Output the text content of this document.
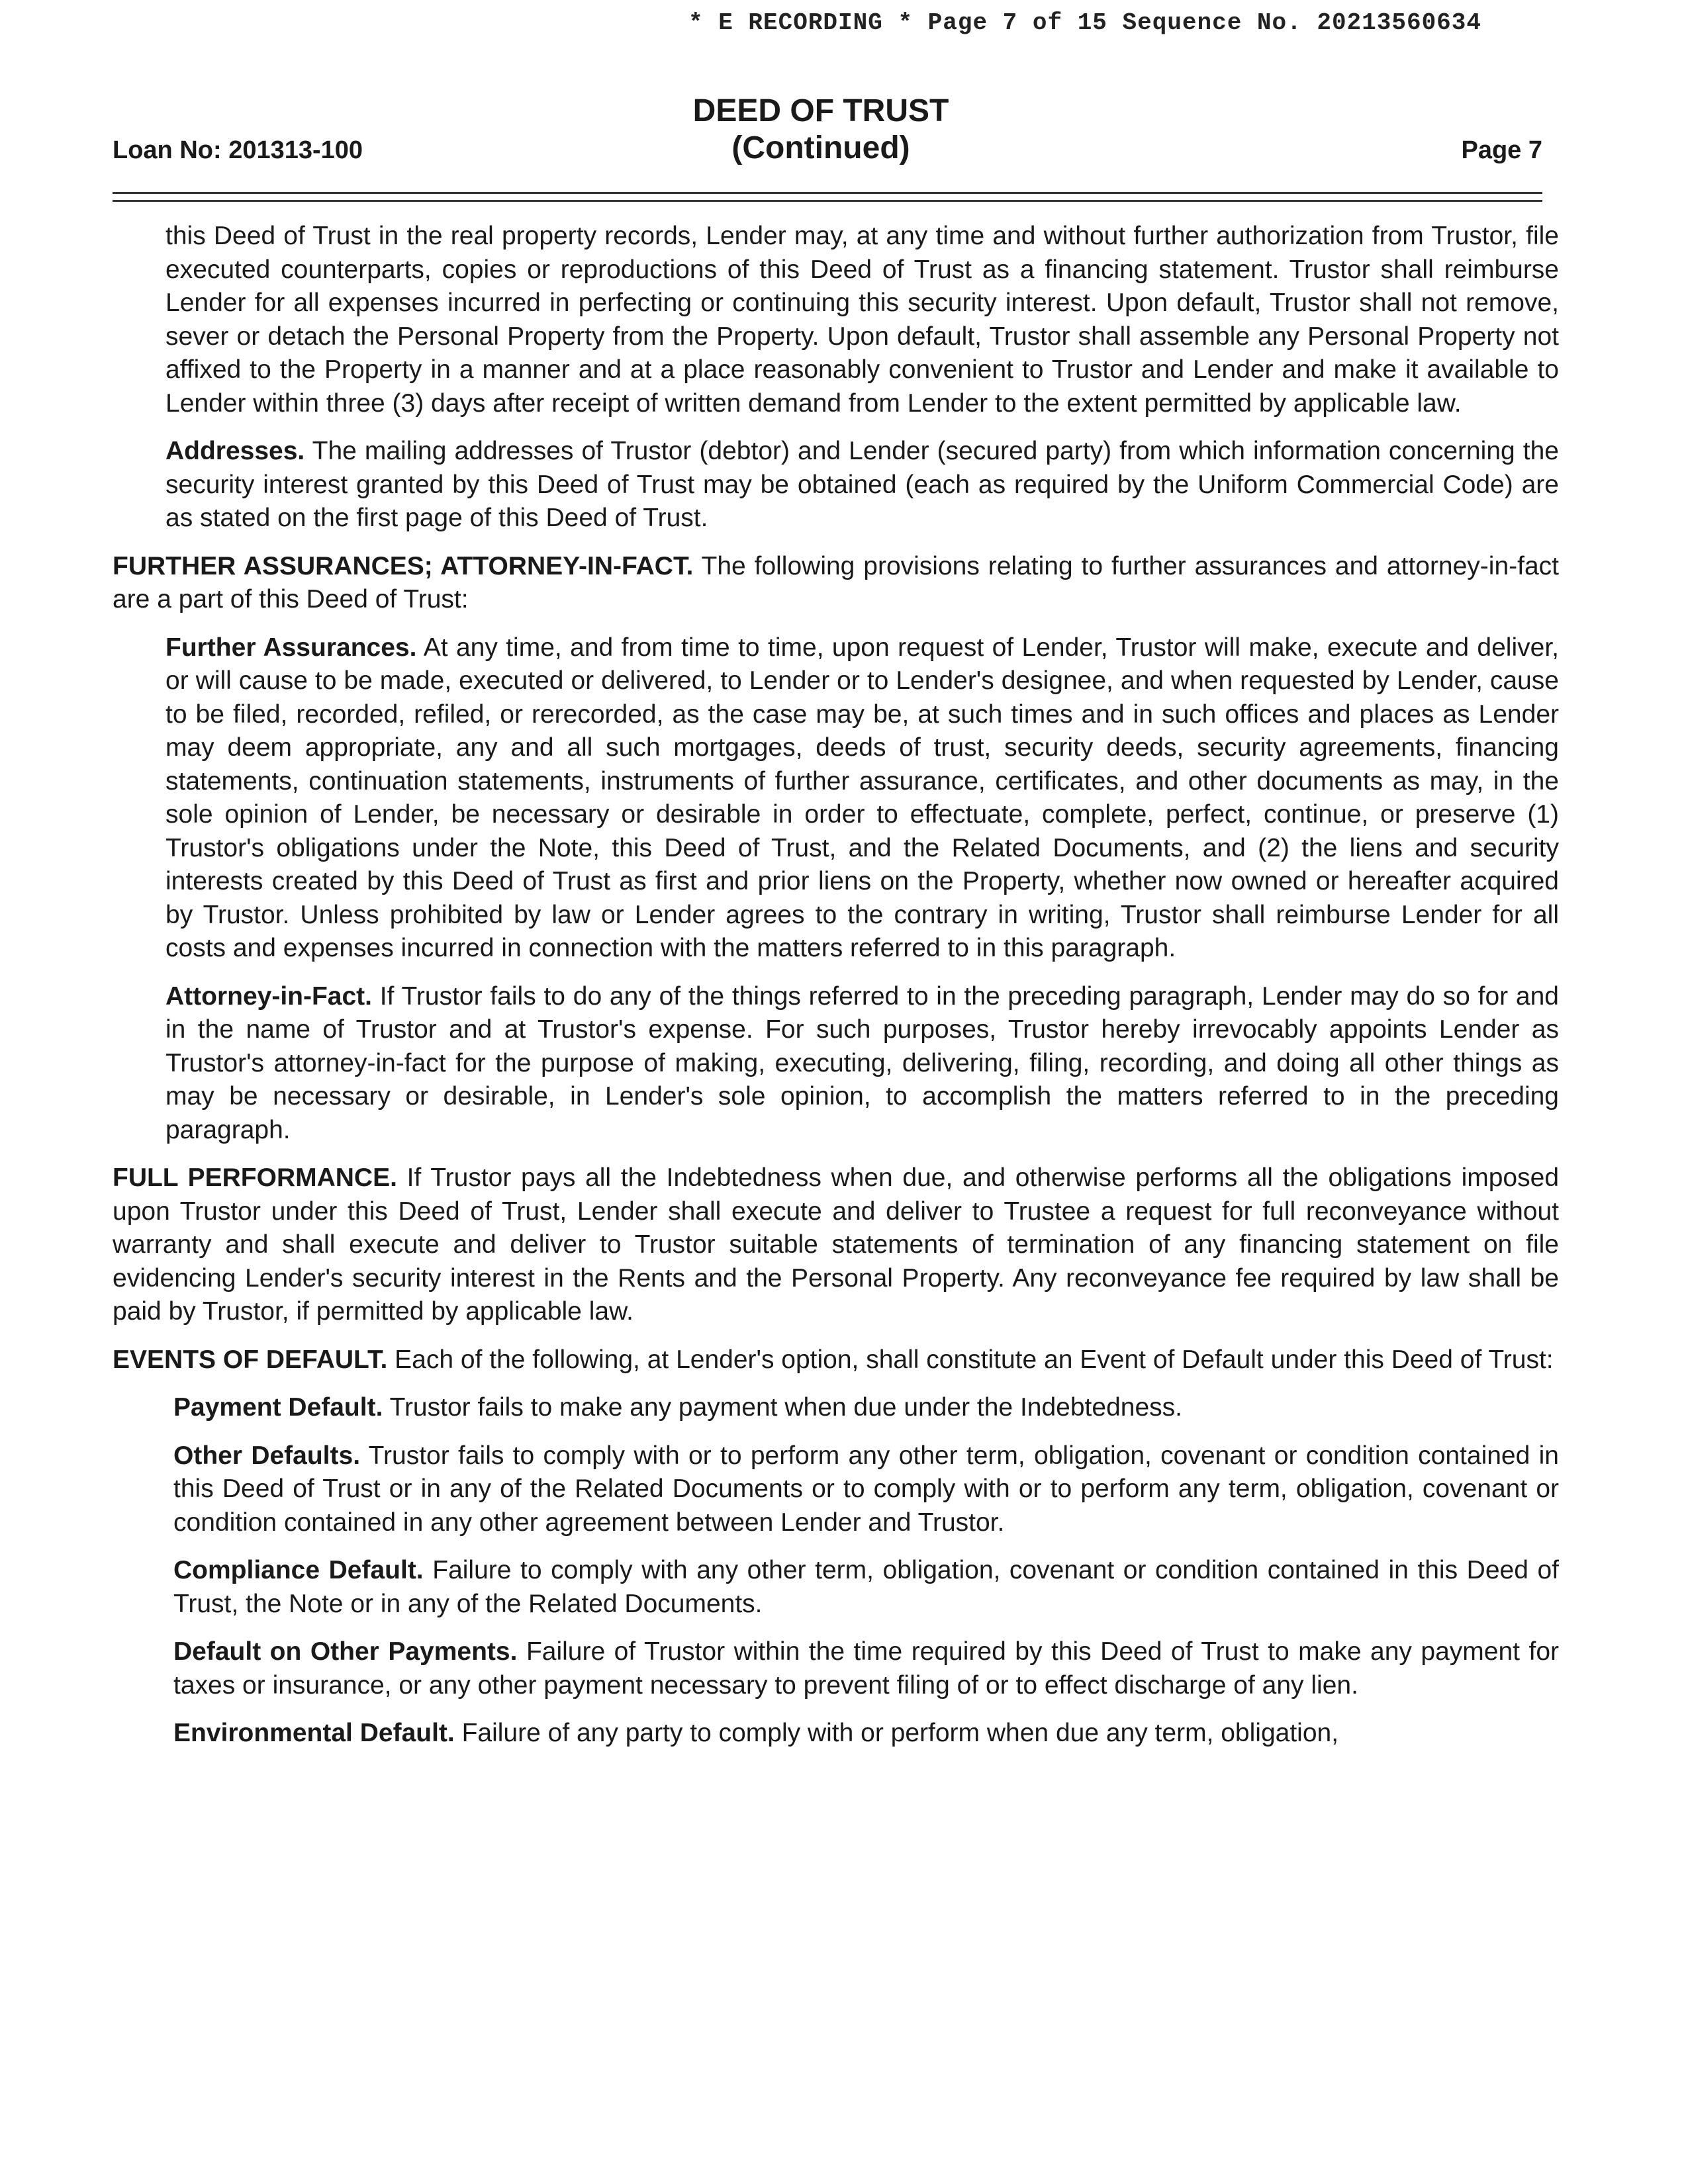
* E RECORDING * Page 7 of 15 Sequence No. 20213560634
Loan No: 201313-100
DEED OF TRUST
(Continued)	Page 7

this Deed of Trust in the real property records, Lender may, at any time and without further authorization from Trustor, file executed counterparts, copies or reproductions of this Deed of Trust as a financing statement. Trustor shall reimburse Lender for all expenses incurred in perfecting or continuing this security interest. Upon default, Trustor shall not remove, sever or detach the Personal Property from the Property. Upon default, Trustor shall assemble any Personal Property not affixed to the Property in a manner and at a place reasonably convenient to Trustor and Lender and make it available to Lender within three (3) days after receipt of written demand from Lender to the extent permitted by applicable law.

Addresses. The mailing addresses of Trustor (debtor) and Lender (secured party) from which information concerning the security interest granted by this Deed of Trust may be obtained (each as required by the Uniform Commercial Code) are as stated on the first page of this Deed of Trust.

FURTHER ASSURANCES; ATTORNEY-IN-FACT. The following provisions relating to further assurances and attorney-in-fact are a part of this Deed of Trust:

Further Assurances. At any time, and from time to time, upon request of Lender, Trustor will make, execute and deliver, or will cause to be made, executed or delivered, to Lender or to Lender's designee, and when requested by Lender, cause to be filed, recorded, refiled, or rerecorded, as the case may be, at such times and in such offices and places as Lender may deem appropriate, any and all such mortgages, deeds of trust, security deeds, security agreements, financing statements, continuation statements, instruments of further assurance, certificates, and other documents as may, in the sole opinion of Lender, be necessary or desirable in order to effectuate, complete, perfect, continue, or preserve (1) Trustor's obligations under the Note, this Deed of Trust, and the Related Documents, and (2) the liens and security interests created by this Deed of Trust as first and prior liens on the Property, whether now owned or hereafter acquired by Trustor. Unless prohibited by law or Lender agrees to the contrary in writing, Trustor shall reimburse Lender for all costs and expenses incurred in connection with the matters referred to in this paragraph.

Attorney-in-Fact. If Trustor fails to do any of the things referred to in the preceding paragraph, Lender may do so for and in the name of Trustor and at Trustor's expense. For such purposes, Trustor hereby irrevocably appoints Lender as Trustor's attorney-in-fact for the purpose of making, executing, delivering, filing, recording, and doing all other things as may be necessary or desirable, in Lender's sole opinion, to accomplish the matters referred to in the preceding paragraph.

FULL PERFORMANCE. If Trustor pays all the Indebtedness when due, and otherwise performs all the obligations imposed upon Trustor under this Deed of Trust, Lender shall execute and deliver to Trustee a request for full reconveyance without warranty and shall execute and deliver to Trustor suitable statements of termination of any financing statement on file evidencing Lender's security interest in the Rents and the Personal Property. Any reconveyance fee required by law shall be paid by Trustor, if permitted by applicable law.

EVENTS OF DEFAULT. Each of the following, at Lender's option, shall constitute an Event of Default under this Deed of Trust:

Payment Default. Trustor fails to make any payment when due under the Indebtedness.

Other Defaults. Trustor fails to comply with or to perform any other term, obligation, covenant or condition contained in this Deed of Trust or in any of the Related Documents or to comply with or to perform any term, obligation, covenant or condition contained in any other agreement between Lender and Trustor.

Compliance Default. Failure to comply with any other term, obligation, covenant or condition contained in this Deed of Trust, the Note or in any of the Related Documents.

Default on Other Payments. Failure of Trustor within the time required by this Deed of Trust to make any payment for taxes or insurance, or any other payment necessary to prevent filing of or to effect discharge of any lien.

Environmental Default. Failure of any party to comply with or perform when due any term, obligation,
